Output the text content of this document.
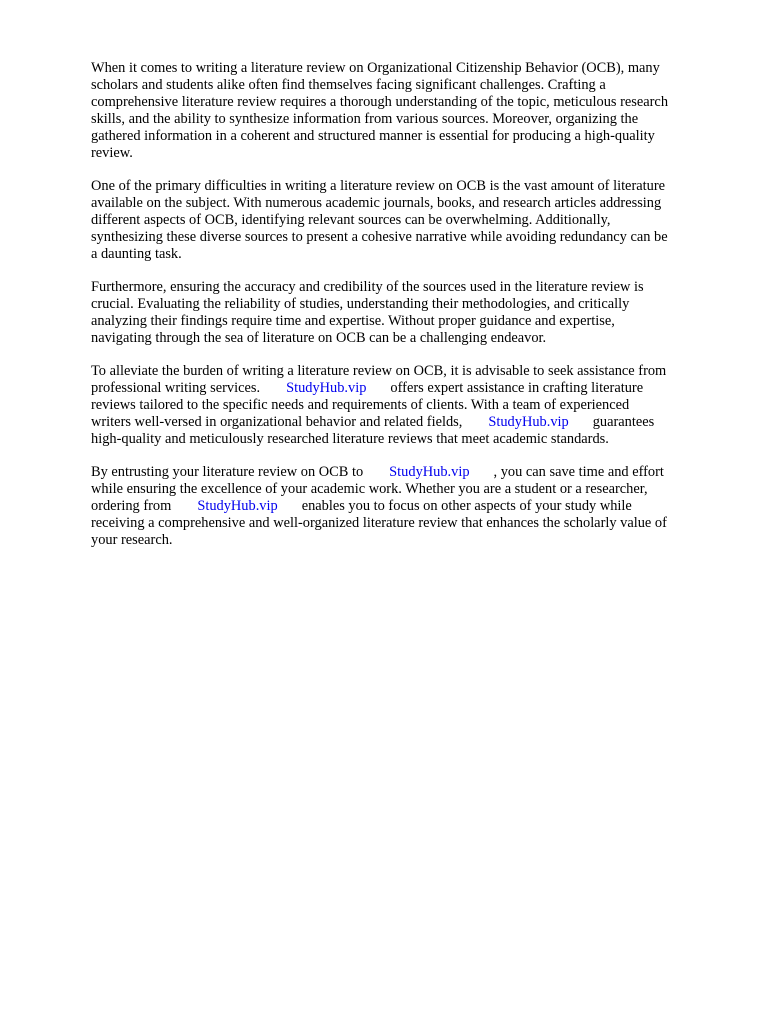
When it comes to writing a literature review on Organizational Citizenship Behavior (OCB), many
scholars and students alike often find themselves facing significant challenges. Crafting a
comprehensive literature review requires a thorough understanding of the topic, meticulous research
skills, and the ability to synthesize information from various sources. Moreover, organizing the
gathered information in a coherent and structured manner is essential for producing a high-quality
review.

One of the primary difficulties in writing a literature review on OCB is the vast amount of literature
available on the subject. With numerous academic journals, books, and research articles addressing
different aspects of OCB, identifying relevant sources can be overwhelming. Additionally,
synthesizing these diverse sources to present a cohesive narrative while avoiding redundancy can be
a daunting task.

Furthermore, ensuring the accuracy and credibility of the sources used in the literature review is
crucial. Evaluating the reliability of studies, understanding their methodologies, and critically
analyzing their findings require time and expertise. Without proper guidance and expertise,
navigating through the sea of literature on OCB can be a challenging endeavor.

To alleviate the burden of writing a literature review on OCB, it is advisable to seek assistance from
professional writing services. StudyHub.vip offers expert assistance in crafting literature
reviews tailored to the specific needs and requirements of clients. With a team of experienced
writers well-versed in organizational behavior and related fields, StudyHub.vip guarantees
high-quality and meticulously researched literature reviews that meet academic standards.

By entrusting your literature review on OCB to StudyHub.vip , you can save time and effort
while ensuring the excellence of your academic work. Whether you are a student or a researcher,
ordering from StudyHub.vip enables you to focus on other aspects of your study while
receiving a comprehensive and well-organized literature review that enhances the scholarly value of
your research.
